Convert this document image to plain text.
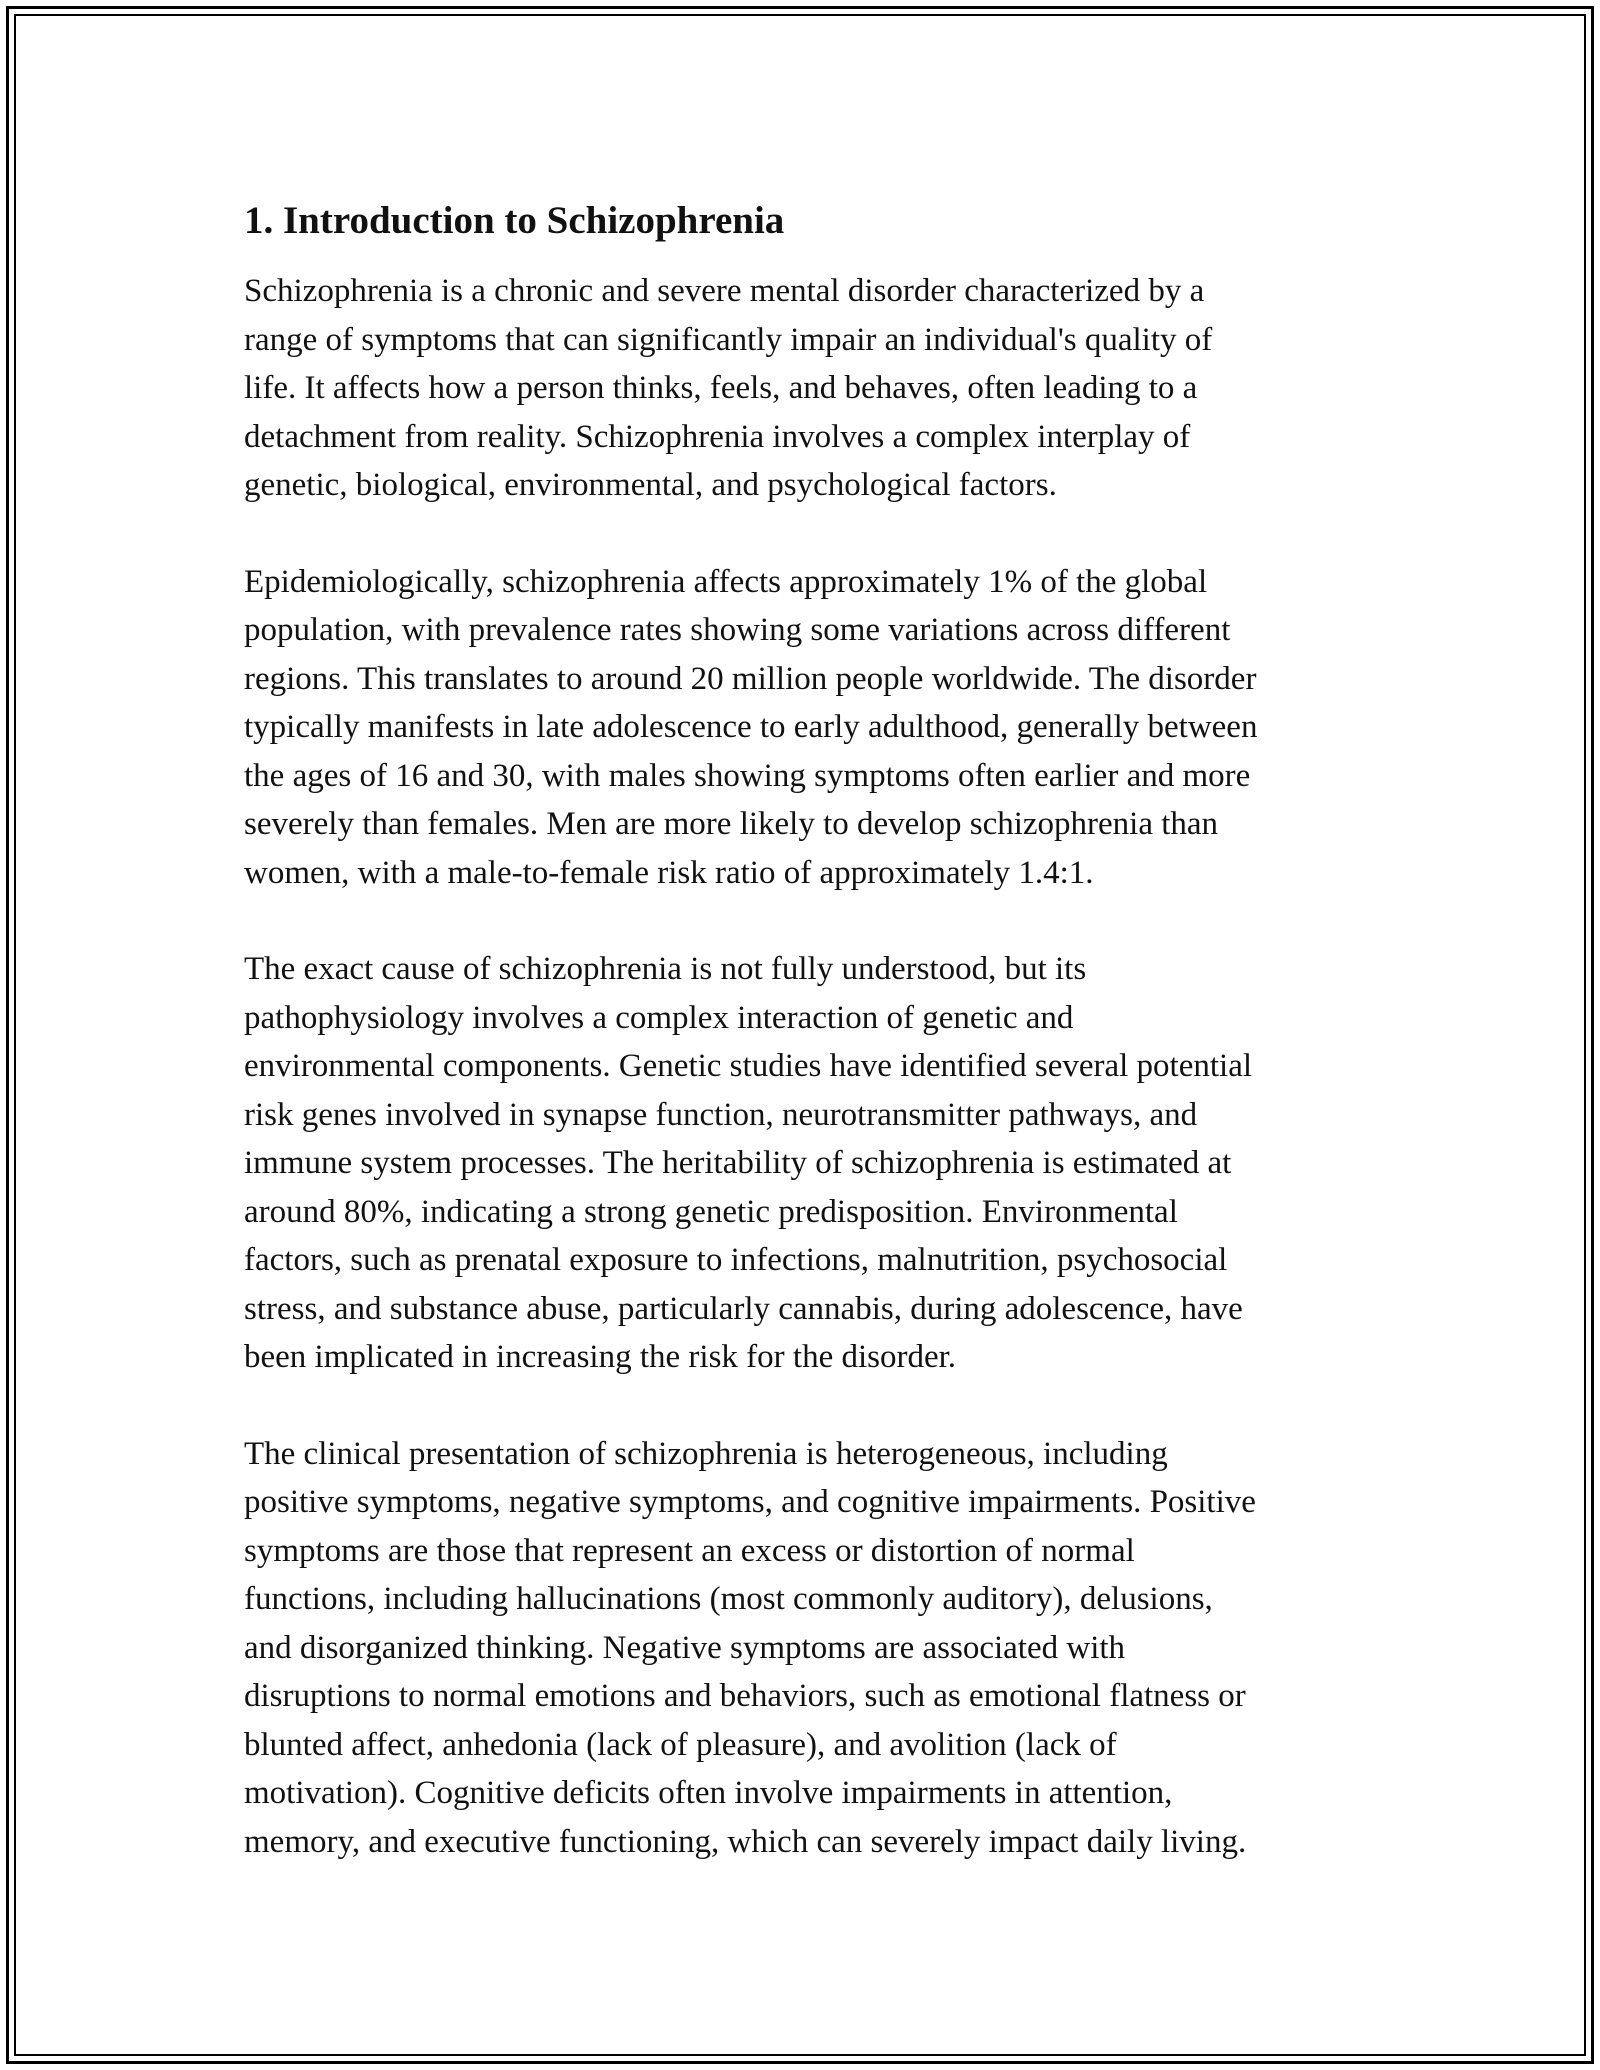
1. Introduction to Schizophrenia

Schizophrenia is a chronic and severe mental disorder characterized by a
range of symptoms that can significantly impair an individual's quality of
life. It affects how a person thinks, feels, and behaves, often leading to a
detachment from reality. Schizophrenia involves a complex interplay of
genetic, biological, environmental, and psychological factors.

Epidemiologically, schizophrenia affects approximately 1% of the global
population, with prevalence rates showing some variations across different
regions. This translates to around 20 million people worldwide. The disorder
typically manifests in late adolescence to early adulthood, generally between
the ages of 16 and 30, with males showing symptoms often earlier and more
severely than females. Men are more likely to develop schizophrenia than
women, with a male-to-female risk ratio of approximately 1.4:1.

The exact cause of schizophrenia is not fully understood, but its
pathophysiology involves a complex interaction of genetic and
environmental components. Genetic studies have identified several potential
risk genes involved in synapse function, neurotransmitter pathways, and
immune system processes. The heritability of schizophrenia is estimated at
around 80%, indicating a strong genetic predisposition. Environmental
factors, such as prenatal exposure to infections, malnutrition, psychosocial
stress, and substance abuse, particularly cannabis, during adolescence, have
been implicated in increasing the risk for the disorder.

The clinical presentation of schizophrenia is heterogeneous, including
positive symptoms, negative symptoms, and cognitive impairments. Positive
symptoms are those that represent an excess or distortion of normal
functions, including hallucinations (most commonly auditory), delusions,
and disorganized thinking. Negative symptoms are associated with
disruptions to normal emotions and behaviors, such as emotional flatness or
blunted affect, anhedonia (lack of pleasure), and avolition (lack of
motivation). Cognitive deficits often involve impairments in attention,
memory, and executive functioning, which can severely impact daily living.
